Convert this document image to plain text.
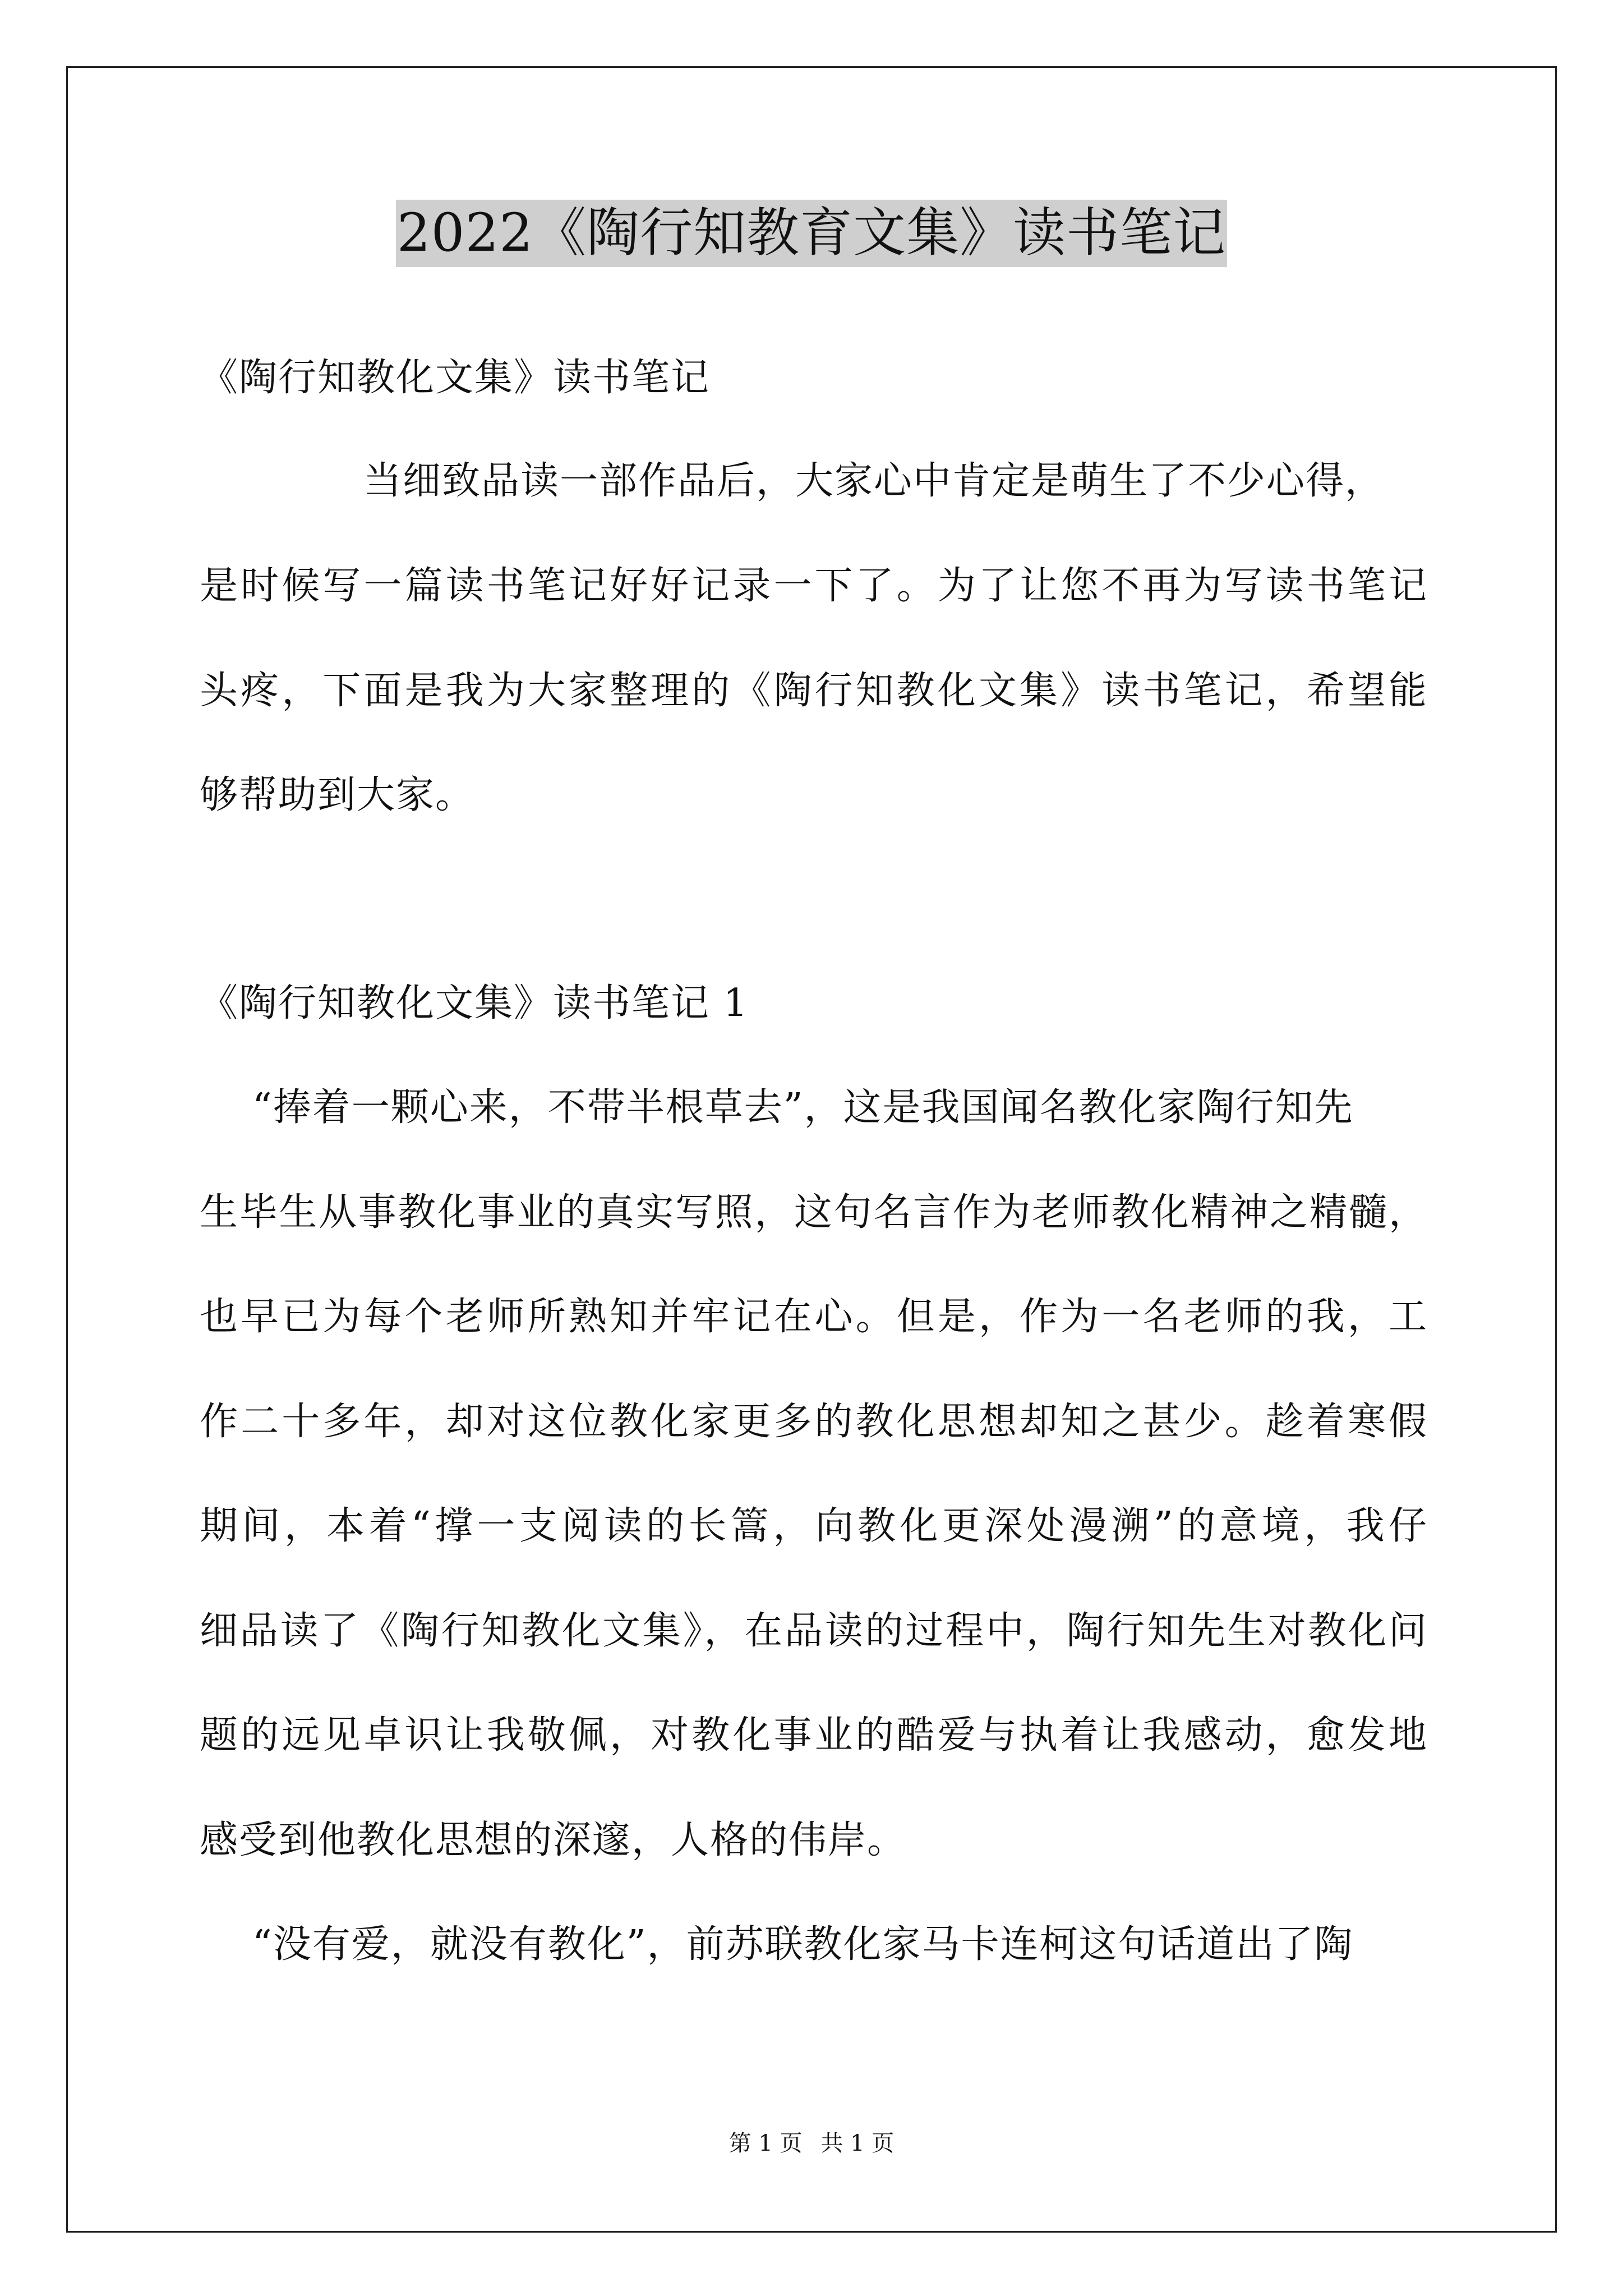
2022《陶行知教育文集》读书笔记
《陶行知教化文集》读书笔记
当细致品读一部作品后，大家心中肯定是萌生了不少心得，
是时候写一篇读书笔记好好记录一下了。为了让您不再为写读书笔记
头疼，下面是我为大家整理的《陶行知教化文集》读书笔记，希望能
够帮助到大家。
《陶行知教化文集》读书笔记 1
“捧着一颗心来，不带半根草去”，这是我国闻名教化家陶行知先
生毕生从事教化事业的真实写照，这句名言作为老师教化精神之精髓，
也早已为每个老师所熟知并牢记在心。但是，作为一名老师的我，工
作二十多年，却对这位教化家更多的教化思想却知之甚少。趁着寒假
期间，本着“撑一支阅读的长篙，向教化更深处漫溯”的意境，我仔
细品读了《陶行知教化文集》，在品读的过程中，陶行知先生对教化问
题的远见卓识让我敬佩，对教化事业的酷爱与执着让我感动，愈发地
感受到他教化思想的深邃，人格的伟岸。
“没有爱，就没有教化”，前苏联教化家马卡连柯这句话道出了陶
第 1 页 共 1 页
